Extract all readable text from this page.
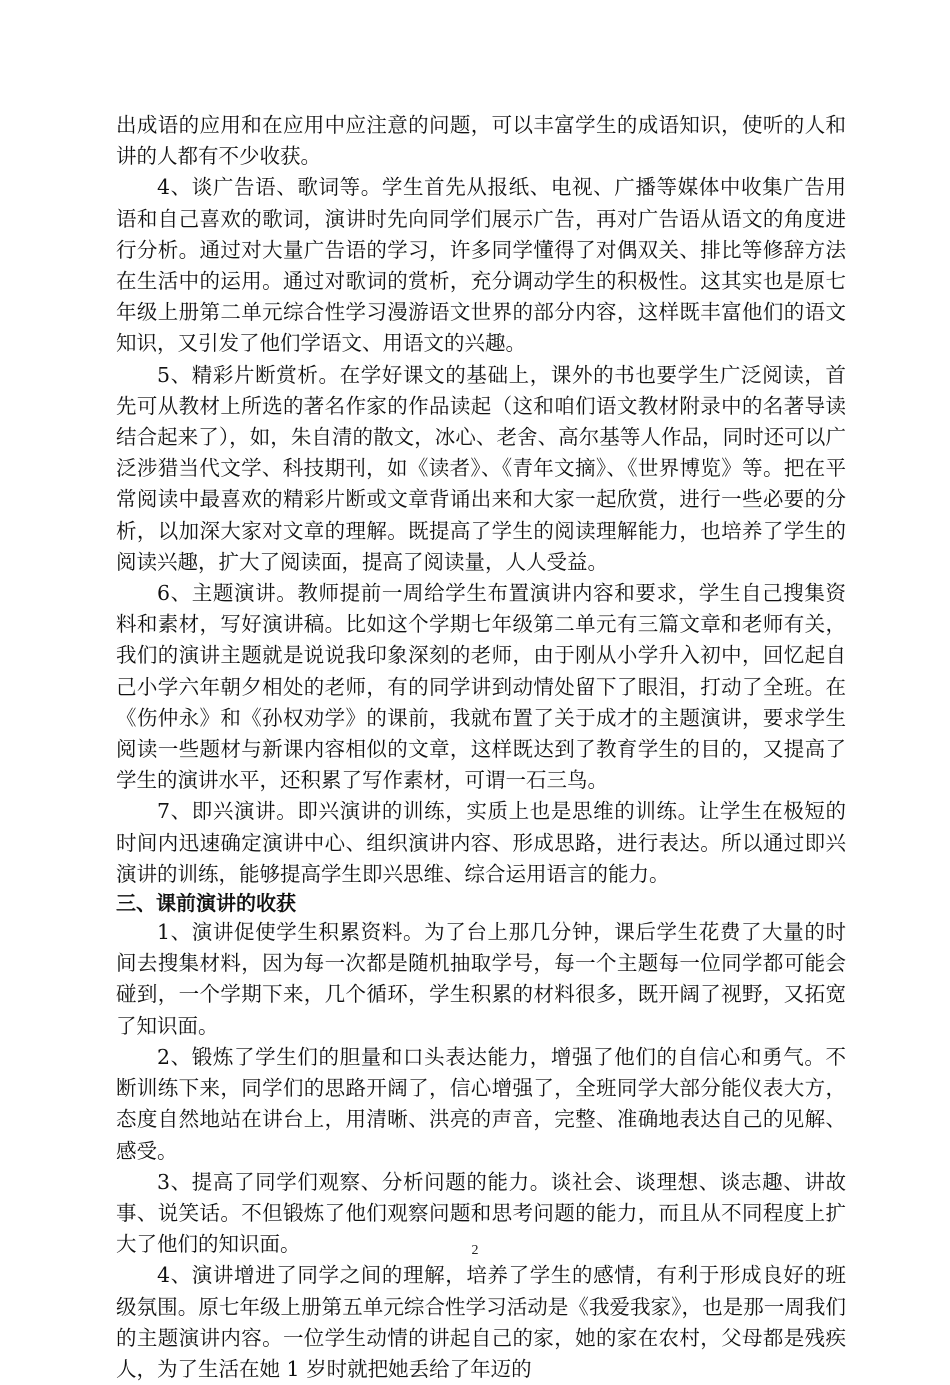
出成语的应用和在应用中应注意的问题，可以丰富学生的成语知识，使听的人和讲的人都有不少收获。

4、谈广告语、歌词等。学生首先从报纸、电视、广播等媒体中收集广告用语和自己喜欢的歌词，演讲时先向同学们展示广告，再对广告语从语文的角度进行分析。通过对大量广告语的学习，许多同学懂得了对偶双关、排比等修辞方法在生活中的运用。通过对歌词的赏析，充分调动学生的积极性。这其实也是原七年级上册第二单元综合性学习漫游语文世界的部分内容，这样既丰富他们的语文知识，又引发了他们学语文、用语文的兴趣。

5、精彩片断赏析。在学好课文的基础上，课外的书也要学生广泛阅读，首先可从教材上所选的著名作家的作品读起（这和咱们语文教材附录中的名著导读结合起来了），如，朱自清的散文，冰心、老舍、高尔基等人作品，同时还可以广泛涉猎当代文学、科技期刊，如《读者》、《青年文摘》、《世界博览》等。把在平常阅读中最喜欢的精彩片断或文章背诵出来和大家一起欣赏，进行一些必要的分析，以加深大家对文章的理解。既提高了学生的阅读理解能力，也培养了学生的阅读兴趣，扩大了阅读面，提高了阅读量，人人受益。

6、主题演讲。教师提前一周给学生布置演讲内容和要求，学生自己搜集资料和素材，写好演讲稿。比如这个学期七年级第二单元有三篇文章和老师有关，我们的演讲主题就是说说我印象深刻的老师，由于刚从小学升入初中，回忆起自己小学六年朝夕相处的老师，有的同学讲到动情处留下了眼泪，打动了全班。在《伤仲永》和《孙权劝学》的课前，我就布置了关于成才的主题演讲，要求学生阅读一些题材与新课内容相似的文章，这样既达到了教育学生的目的，又提高了学生的演讲水平，还积累了写作素材，可谓一石三鸟。

7、即兴演讲。即兴演讲的训练，实质上也是思维的训练。让学生在极短的时间内迅速确定演讲中心、组织演讲内容、形成思路，进行表达。所以通过即兴演讲的训练，能够提高学生即兴思维、综合运用语言的能力。

三、课前演讲的收获

1、演讲促使学生积累资料。为了台上那几分钟，课后学生花费了大量的时间去搜集材料，因为每一次都是随机抽取学号，每一个主题每一位同学都可能会碰到，一个学期下来，几个循环，学生积累的材料很多，既开阔了视野，又拓宽了知识面。

2、锻炼了学生们的胆量和口头表达能力，增强了他们的自信心和勇气。不断训练下来，同学们的思路开阔了，信心增强了，全班同学大部分能仪表大方，态度自然地站在讲台上，用清晰、洪亮的声音，完整、准确地表达自己的见解、感受。

3、提高了同学们观察、分析问题的能力。谈社会、谈理想、谈志趣、讲故事、说笑话。不但锻炼了他们观察问题和思考问题的能力，而且从不同程度上扩大了他们的知识面。

4、演讲增进了同学之间的理解，培养了学生的感情，有利于形成良好的班级氛围。原七年级上册第五单元综合性学习活动是《我爱我家》，也是那一周我们的主题演讲内容。一位学生动情的讲起自己的家，她的家在农村，父母都是残疾人，为了生活在她 1 岁时就把她丢给了年迈的

2
